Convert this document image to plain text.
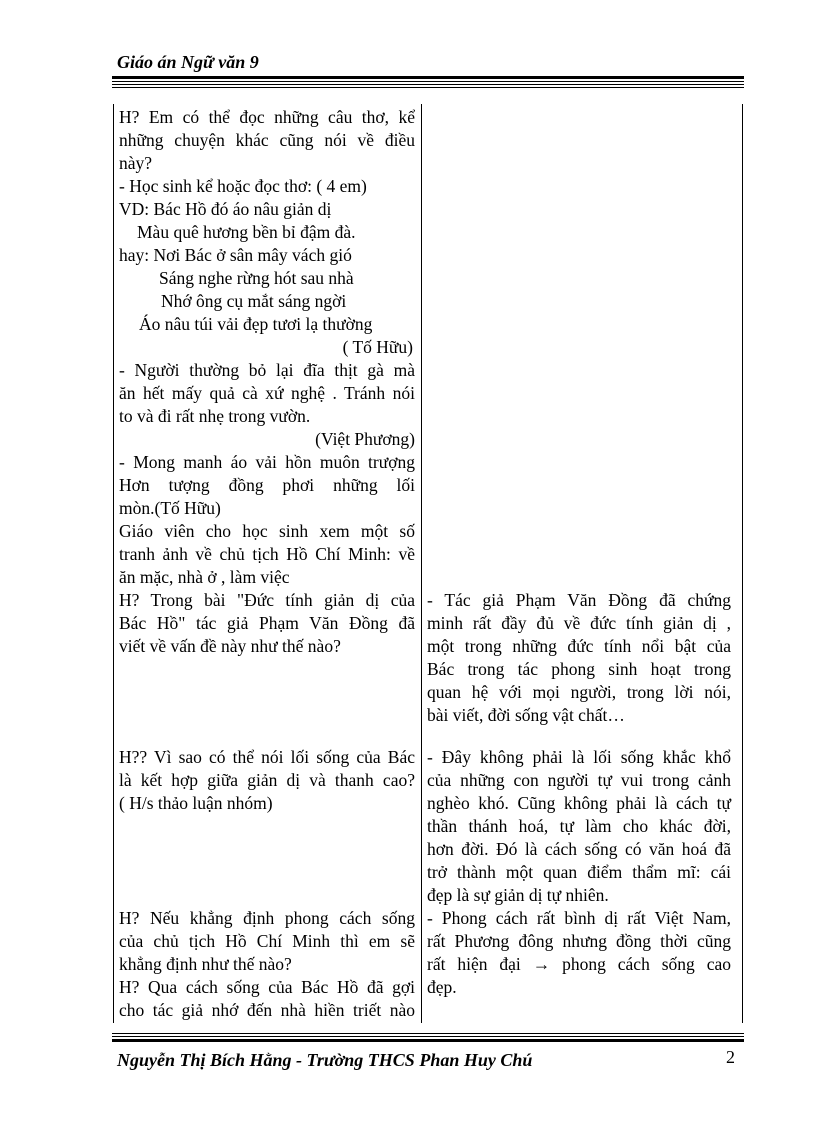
Giáo án Ngữ văn 9
H? Em có thể đọc những câu thơ, kể
những chuyện khác cũng nói về điều
này?
- Học sinh kể hoặc đọc thơ: ( 4 em)
VD: Bác Hồ đó áo nâu giản dị
Màu quê hương bền bỉ đậm đà.
hay: Nơi Bác ở sân mây vách gió
Sáng nghe rừng hót sau nhà
Nhớ ông cụ mắt sáng ngời
Áo nâu túi vải đẹp tươi lạ thường
( Tố Hữu)
- Người thường bỏ lại đĩa thịt gà mà
ăn hết mấy quả cà xứ nghệ . Tránh nói
to và đi rất nhẹ trong vườn.
(Việt Phương)
- Mong manh áo vải hồn muôn trượng
Hơn tượng đồng phơi những lối
mòn.(Tố Hữu)
Giáo viên cho học sinh xem một số
tranh ảnh về chủ tịch Hồ Chí Minh: về
ăn mặc, nhà ở , làm việc
H? Trong bài "Đức tính giản dị của
Bác Hồ" tác giả Phạm Văn Đồng đã
viết về vấn đề này như thế nào?
H?? Vì sao có thể nói lối sống của Bác
là kết hợp giữa giản dị và thanh cao?
( H/s thảo luận nhóm)
H? Nếu khẳng định phong cách sống
của chủ tịch Hồ Chí Minh thì em sẽ
khẳng định như thế nào?
H? Qua cách sống của Bác Hồ đã gợi
cho tác giả nhớ đến nhà hiền triết nào
- Tác giả Phạm Văn Đồng đã chứng
minh rất đầy đủ về đức tính giản dị ,
một trong những đức tính nổi bật của
Bác trong tác phong sinh hoạt trong
quan hệ với mọi người, trong lời nói,
bài viết, đời sống vật chất…
- Đây không phải là lối sống khắc khổ
của những con người tự vui trong cảnh
nghèo khó. Cũng không phải là cách tự
thần thánh hoá, tự làm cho khác đời,
hơn đời. Đó là cách sống có văn hoá đã
trở thành một quan điểm thẩm mĩ: cái
đẹp là sự giản dị tự nhiên.
- Phong cách rất bình dị rất Việt Nam,
rất Phương đông nhưng đồng thời cũng
rất hiện đại → phong cách sống cao
đẹp.
Nguyễn Thị Bích Hằng - Trường THCS Phan Huy Chú	2
